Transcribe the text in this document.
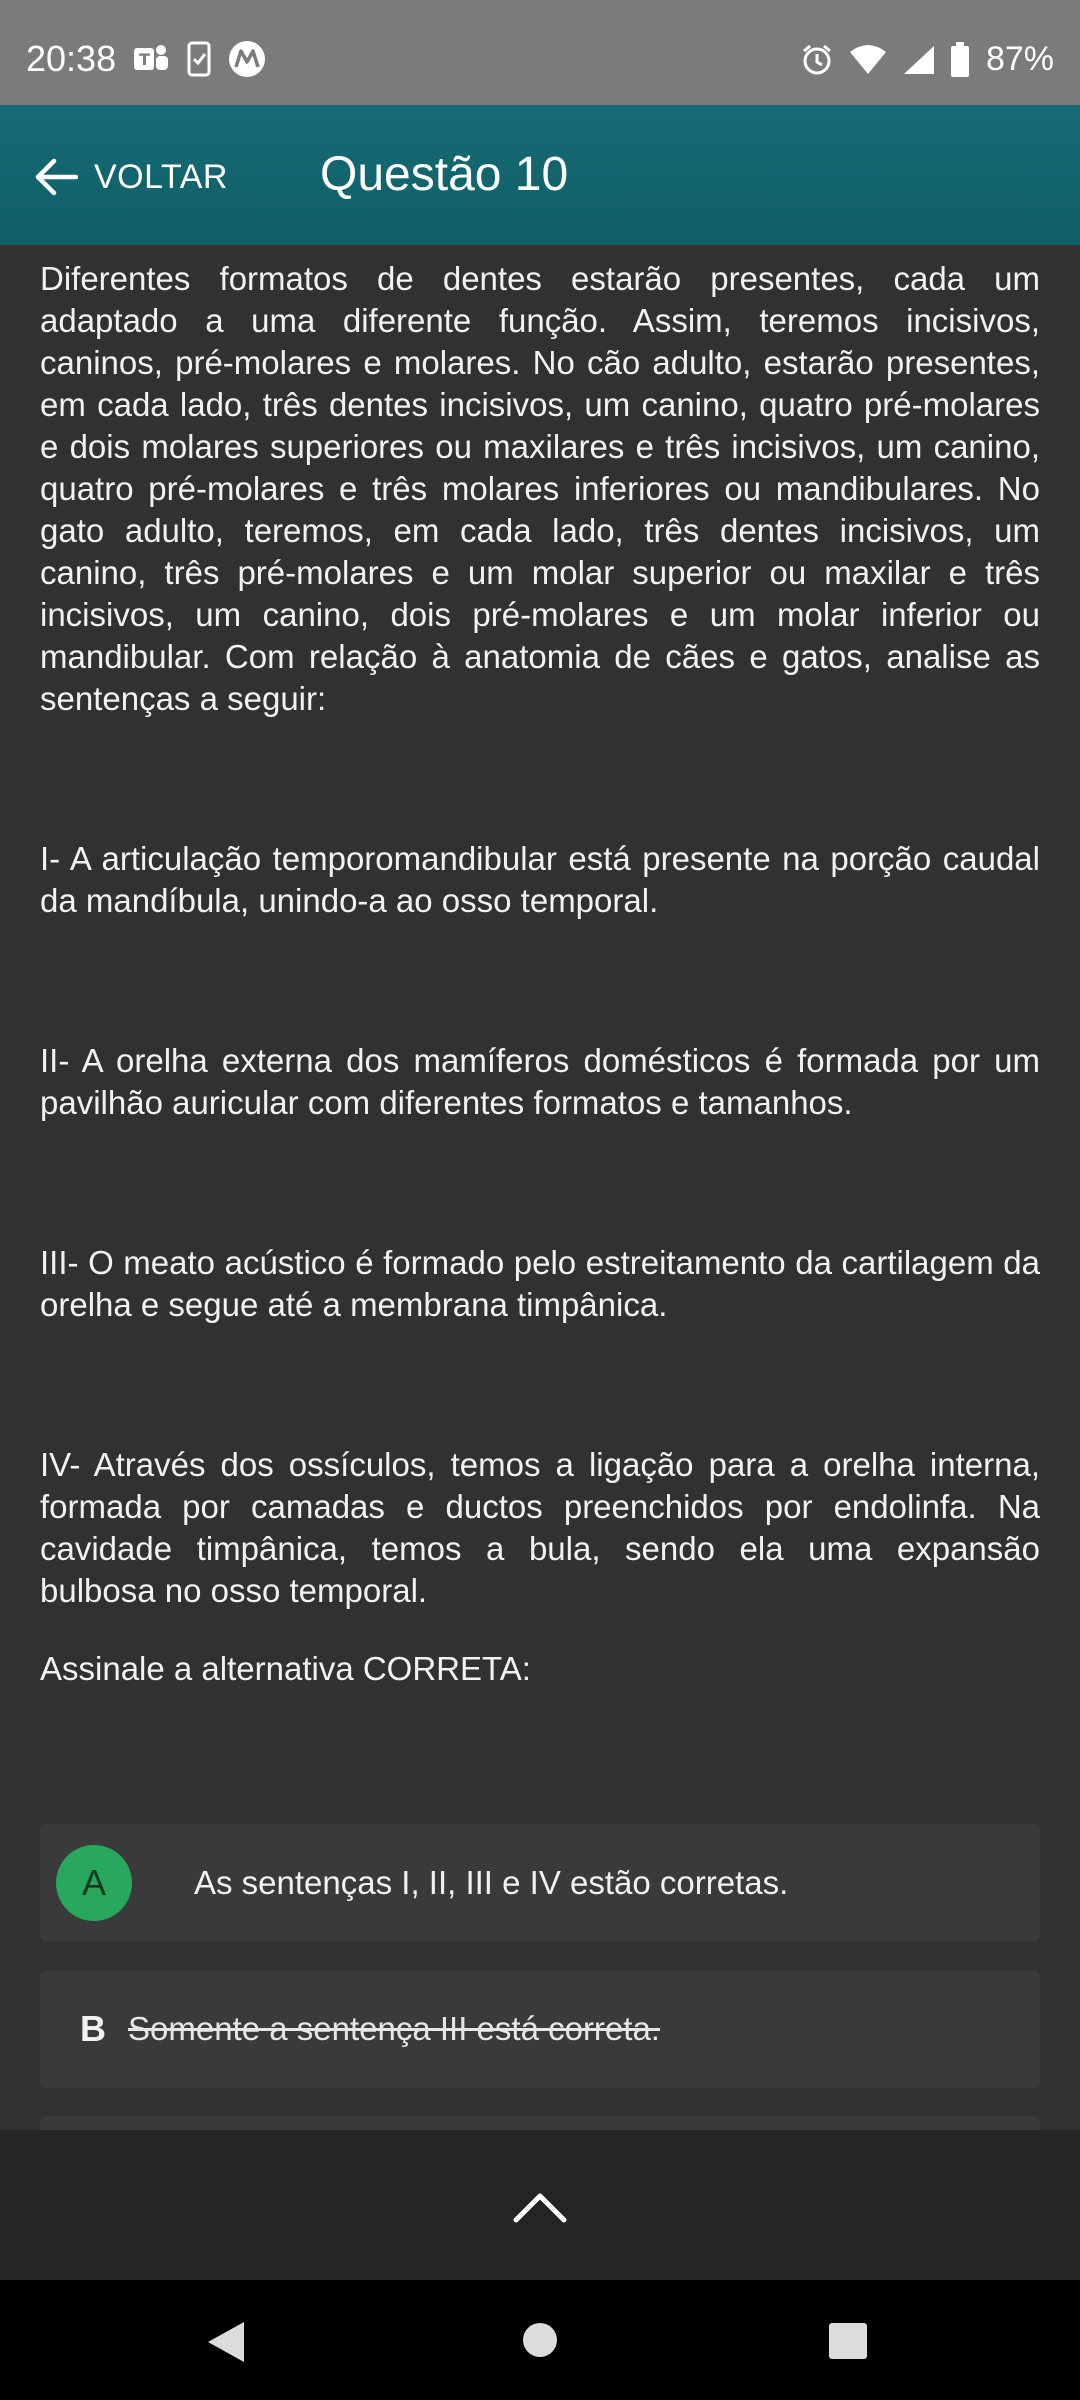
20:38 T	87%
VOLTAR Questão 10

Diferentes formatos de dentes estarão presentes, cada um adaptado a uma diferente função. Assim, teremos incisivos, caninos, pré-molares e molares. No cão adulto, estarão presentes, em cada lado, três dentes incisivos, um canino, quatro pré-molares e dois molares superiores ou maxilares e três incisivos, um canino, quatro pré-molares e três molares inferiores ou mandibulares. No gato adulto, teremos, em cada lado, três dentes incisivos, um canino, três pré-molares e um molar superior ou maxilar e três incisivos, um canino, dois pré-molares e um molar inferior ou mandibular. Com relação à anatomia de cães e gatos, analise as sentenças a seguir:

I- A articulação temporomandibular está presente na porção caudal da mandíbula, unindo-a ao osso temporal.

II- A orelha externa dos mamíferos domésticos é formada por um pavilhão auricular com diferentes formatos e tamanhos.

III- O meato acústico é formado pelo estreitamento da cartilagem da orelha e segue até a membrana timpânica.

IV- Através dos ossículos, temos a ligação para a orelha interna, formada por camadas e ductos preenchidos por endolinfa. Na cavidade timpânica, temos a bula, sendo ela uma expansão bulbosa no osso temporal.

Assinale a alternativa CORRETA:

A	As sentenças I, II, III e IV estão corretas.
B Somente a sentença III está correta.
